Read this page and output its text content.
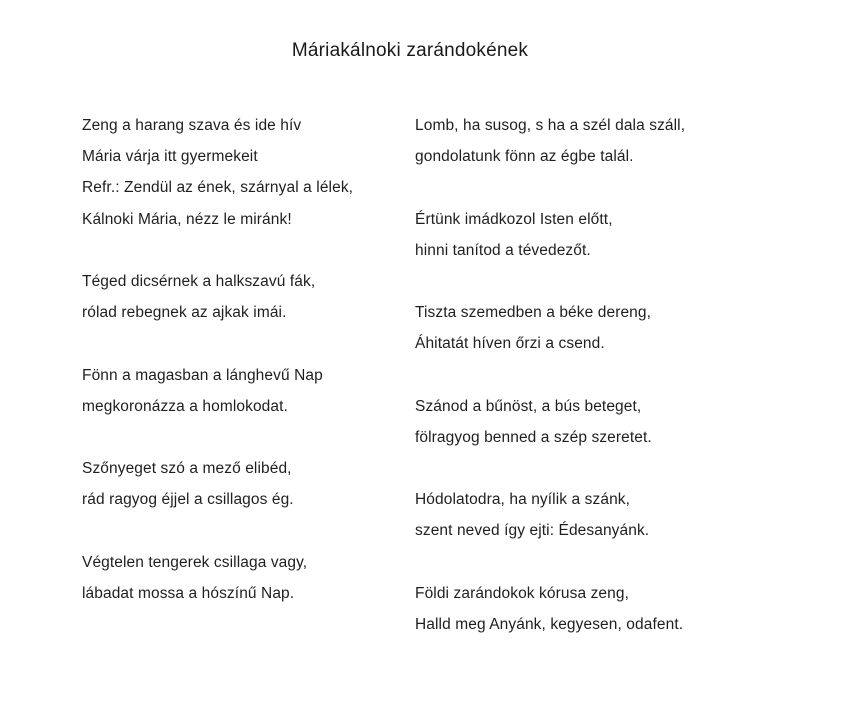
Máriakálnoki zarándokének
Zeng a harang szava és ide hív
Mária várja itt gyermekeit
Refr.: Zendül az ének, szárnyal a lélek,
Kálnoki Mária, nézz le miránk!
Téged dicsérnek a halkszavú fák,
rólad rebegnek az ajkak imái.
Fönn a magasban a lánghevű Nap
megkoronázza a homlokodat.
Szőnyeget szó a mező elibéd,
rád ragyog éjjel a csillagos ég.
Végtelen tengerek csillaga vagy,
lábadat mossa a hószínű Nap.
Lomb, ha susog, s ha a szél dala száll,
gondolatunk fönn az égbe talál.
Értünk imádkozol Isten előtt,
hinni tanítod a tévedezőt.
Tiszta szemedben a béke dereng,
Áhitatát híven őrzi a csend.
Szánod a bűnöst, a bús beteget,
fölragyog benned a szép szeretet.
Hódolatodra, ha nyílik a szánk,
szent neved így ejti: Édesanyánk.
Földi zarándokok kórusa zeng,
Halld meg Anyánk, kegyesen, odafent.
